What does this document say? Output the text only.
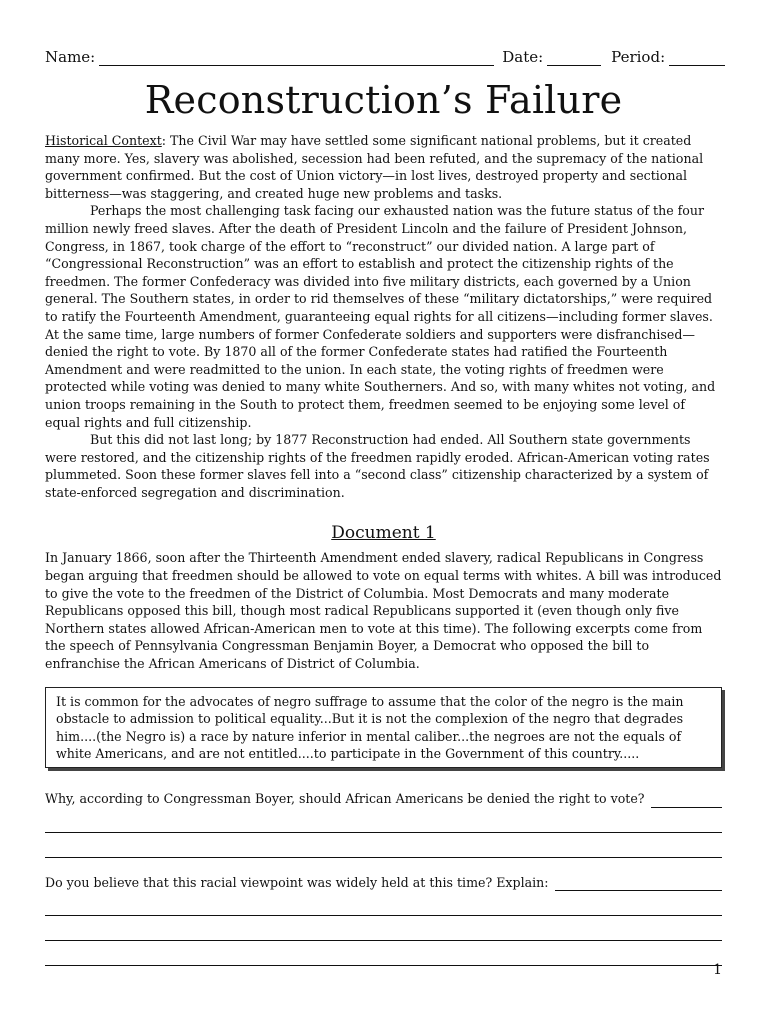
Name:	Date:	Period:
Reconstruction’s Failure

Historical Context: The Civil War may have settled some significant national problems, but it created many more. Yes, slavery was abolished, secession had been refuted, and the supremacy of the national government confirmed. But the cost of Union victory—in lost lives, destroyed property and sectional bitterness—was staggering, and created huge new problems and tasks.

Perhaps the most challenging task facing our exhausted nation was the future status of the four million newly freed slaves. After the death of President Lincoln and the failure of President Johnson, Congress, in 1867, took charge of the effort to “reconstruct” our divided nation. A large part of “Congressional Reconstruction” was an effort to establish and protect the citizenship rights of the freedmen. The former Confederacy was divided into five military districts, each governed by a Union general. The Southern states, in order to rid themselves of these “military dictatorships,” were required to ratify the Fourteenth Amendment, guaranteeing equal rights for all citizens—including former slaves. At the same time, large numbers of former Confederate soldiers and supporters were disfranchised—denied the right to vote. By 1870 all of the former Confederate states had ratified the Fourteenth Amendment and were readmitted to the union. In each state, the voting rights of freedmen were protected while voting was denied to many white Southerners. And so, with many whites not voting, and union troops remaining in the South to protect them, freedmen seemed to be enjoying some level of equal rights and full citizenship.

But this did not last long; by 1877 Reconstruction had ended. All Southern state governments were restored, and the citizenship rights of the freedmen rapidly eroded. African-American voting rates plummeted. Soon these former slaves fell into a “second class” citizenship characterized by a system of state-enforced segregation and discrimination.

Document 1

In January 1866, soon after the Thirteenth Amendment ended slavery, radical Republicans in Congress began arguing that freedmen should be allowed to vote on equal terms with whites. A bill was introduced to give the vote to the freedmen of the District of Columbia. Most Democrats and many moderate Republicans opposed this bill, though most radical Republicans supported it (even though only five Northern states allowed African-American men to vote at this time). The following excerpts come from the speech of Pennsylvania Congressman Benjamin Boyer, a Democrat who opposed the bill to enfranchise the African Americans of District of Columbia.

It is common for the advocates of negro suffrage to assume that the color of the negro is the main obstacle to admission to political equality...But it is not the complexion of the negro that degrades him....(the Negro is) a race by nature inferior in mental caliber...the negroes are not the equals of white Americans, and are not entitled....to participate in the Government of this country.....
Why, according to Congressman Boyer, should African Americans be denied the right to vote?
Do you believe that this racial viewpoint was widely held at this time? Explain:
1
